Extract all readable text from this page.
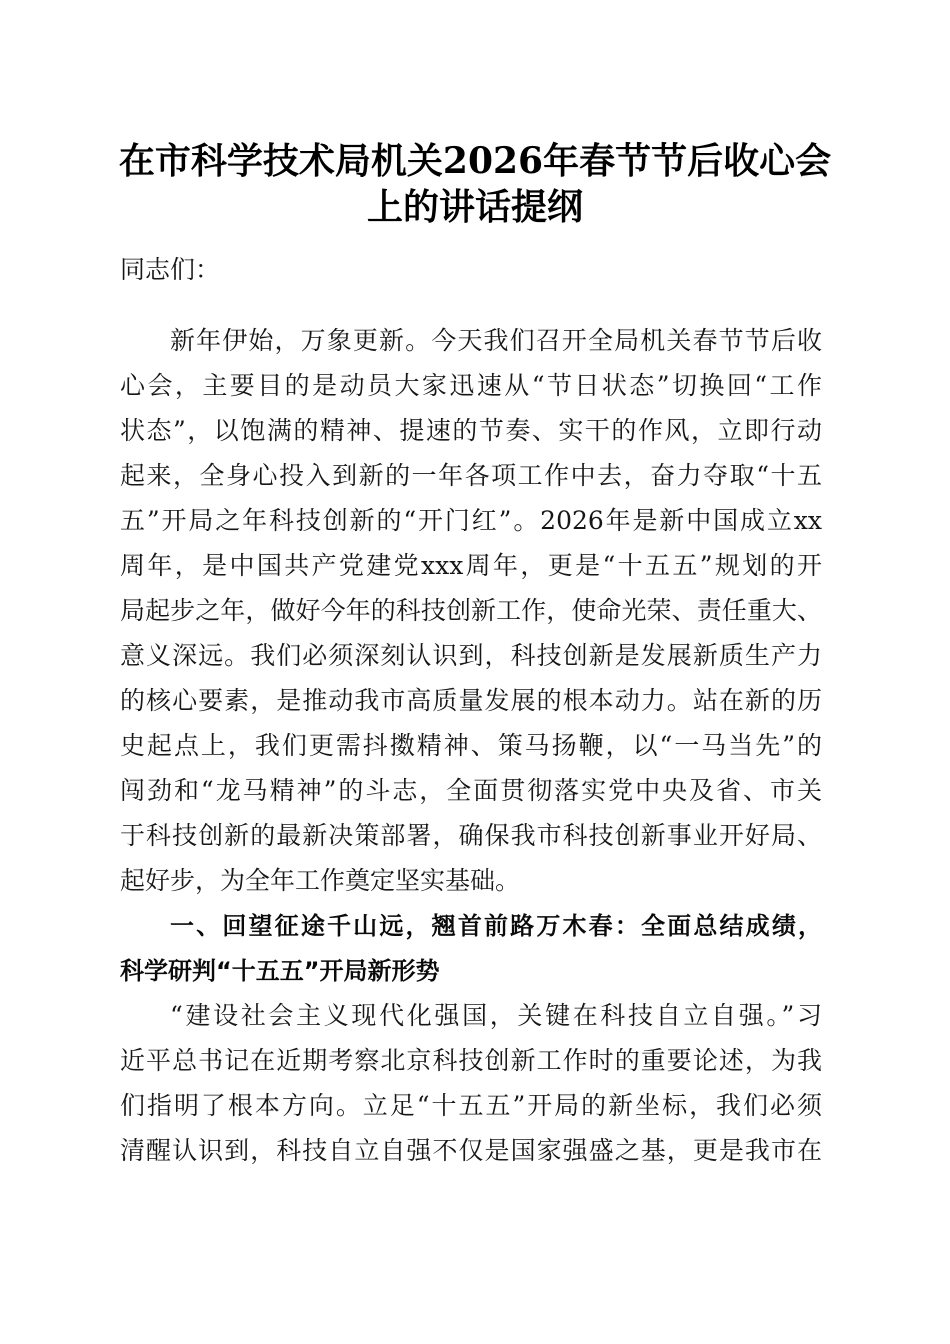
在市科学技术局机关2026年春节节后收心会
上的讲话提纲
同志们：
新年伊始，万象更新。今天我们召开全局机关春节节后收
心会，主要目的是动员大家迅速从“节日状态”切换回“工作
状态”，以饱满的精神、提速的节奏、实干的作风，立即行动
起来，全身心投入到新的一年各项工作中去，奋力夺取“十五
五”开局之年科技创新的“开门红”。2026年是新中国成立xx
周年，是中国共产党建党xxx周年，更是“十五五”规划的开
局起步之年，做好今年的科技创新工作，使命光荣、责任重大、
意义深远。我们必须深刻认识到，科技创新是发展新质生产力
的核心要素，是推动我市高质量发展的根本动力。站在新的历
史起点上，我们更需抖擞精神、策马扬鞭，以“一马当先”的
闯劲和“龙马精神”的斗志，全面贯彻落实党中央及省、市关
于科技创新的最新决策部署，确保我市科技创新事业开好局、
起好步，为全年工作奠定坚实基础。
一、回望征途千山远，翘首前路万木春：全面总结成绩，
科学研判“十五五”开局新形势
“建设社会主义现代化强国，关键在科技自立自强。”习
近平总书记在近期考察北京科技创新工作时的重要论述，为我
们指明了根本方向。立足“十五五”开局的新坐标，我们必须
清醒认识到，科技自立自强不仅是国家强盛之基，更是我市在
